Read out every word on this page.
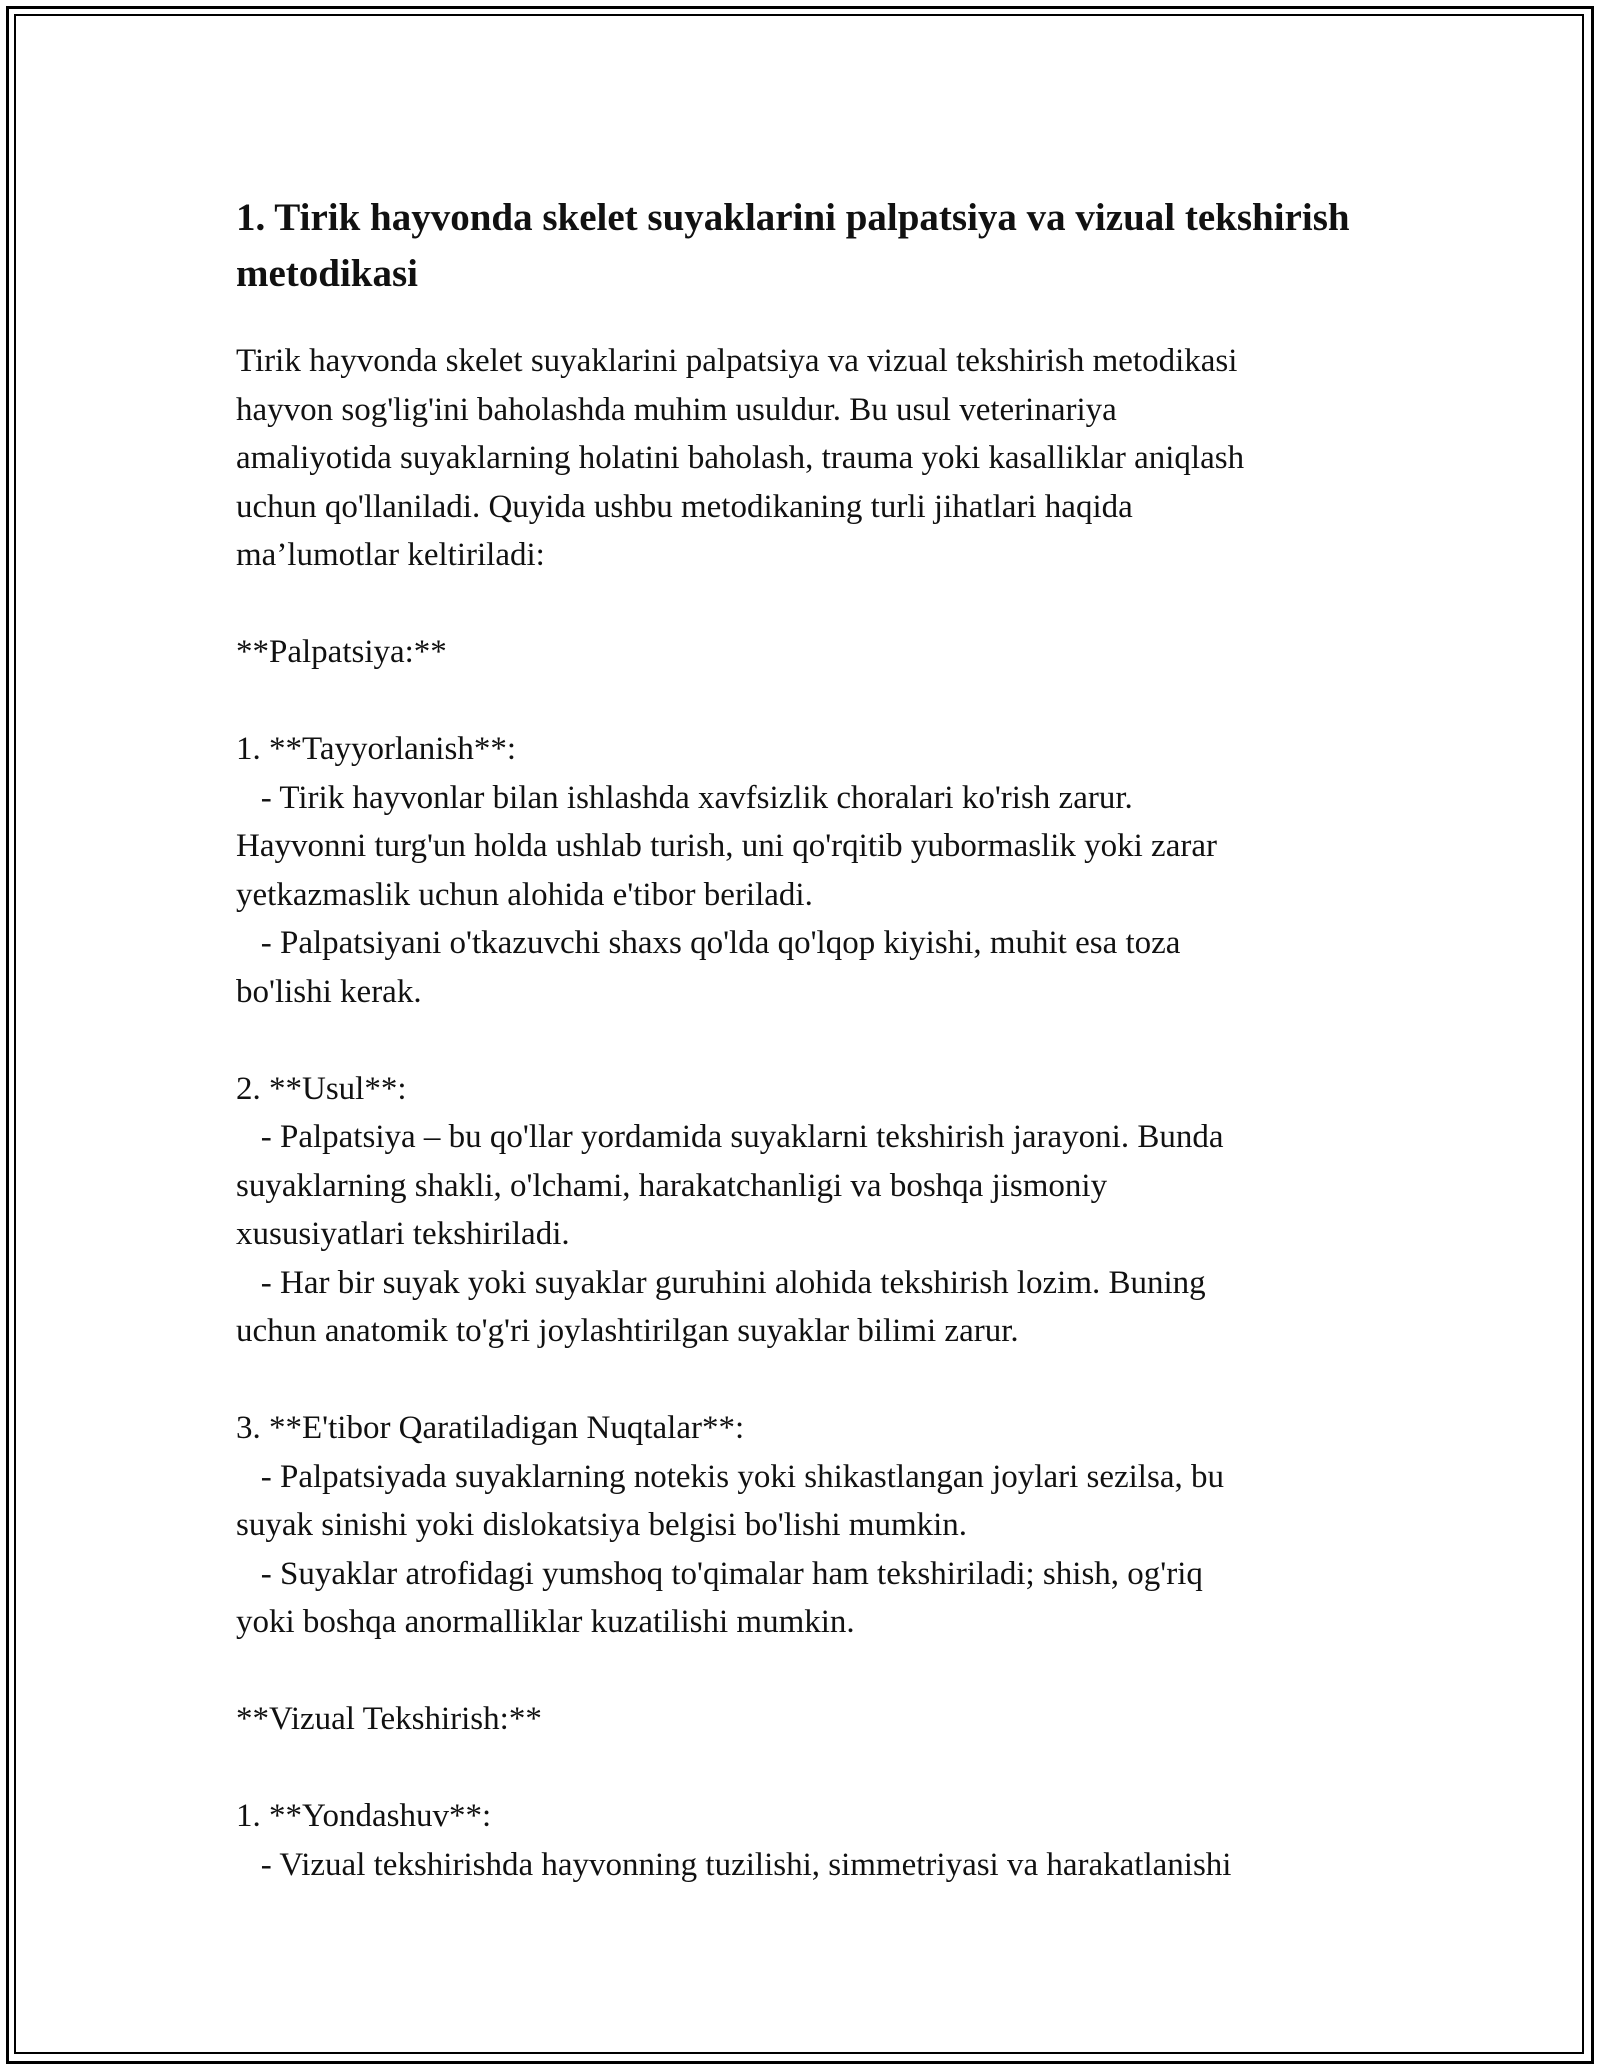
1. Tirik hayvonda skelet suyaklarini palpatsiya va vizual tekshirish metodikasi
Tirik hayvonda skelet suyaklarini palpatsiya va vizual tekshirish metodikasi
hayvon sog'lig'ini baholashda muhim usuldur. Bu usul veterinariya
amaliyotida suyaklarning holatini baholash, trauma yoki kasalliklar aniqlash
uchun qo'llaniladi. Quyida ushbu metodikaning turli jihatlari haqida
ma’lumotlar keltiriladi:

**Palpatsiya:**

1. **Tayyorlanish**:
- Tirik hayvonlar bilan ishlashda xavfsizlik choralari ko'rish zarur.
Hayvonni turg'un holda ushlab turish, uni qo'rqitib yubormaslik yoki zarar
yetkazmaslik uchun alohida e'tibor beriladi.
- Palpatsiyani o'tkazuvchi shaxs qo'lda qo'lqop kiyishi, muhit esa toza
bo'lishi kerak.

2. **Usul**:
- Palpatsiya – bu qo'llar yordamida suyaklarni tekshirish jarayoni. Bunda
suyaklarning shakli, o'lchami, harakatchanligi va boshqa jismoniy
xususiyatlari tekshiriladi.
- Har bir suyak yoki suyaklar guruhini alohida tekshirish lozim. Buning
uchun anatomik to'g'ri joylashtirilgan suyaklar bilimi zarur.

3. **E'tibor Qaratiladigan Nuqtalar**:
- Palpatsiyada suyaklarning notekis yoki shikastlangan joylari sezilsa, bu
suyak sinishi yoki dislokatsiya belgisi bo'lishi mumkin.
- Suyaklar atrofidagi yumshoq to'qimalar ham tekshiriladi; shish, og'riq
yoki boshqa anormalliklar kuzatilishi mumkin.

**Vizual Tekshirish:**

1. **Yondashuv**:
- Vizual tekshirishda hayvonning tuzilishi, simmetriyasi va harakatlanishi
